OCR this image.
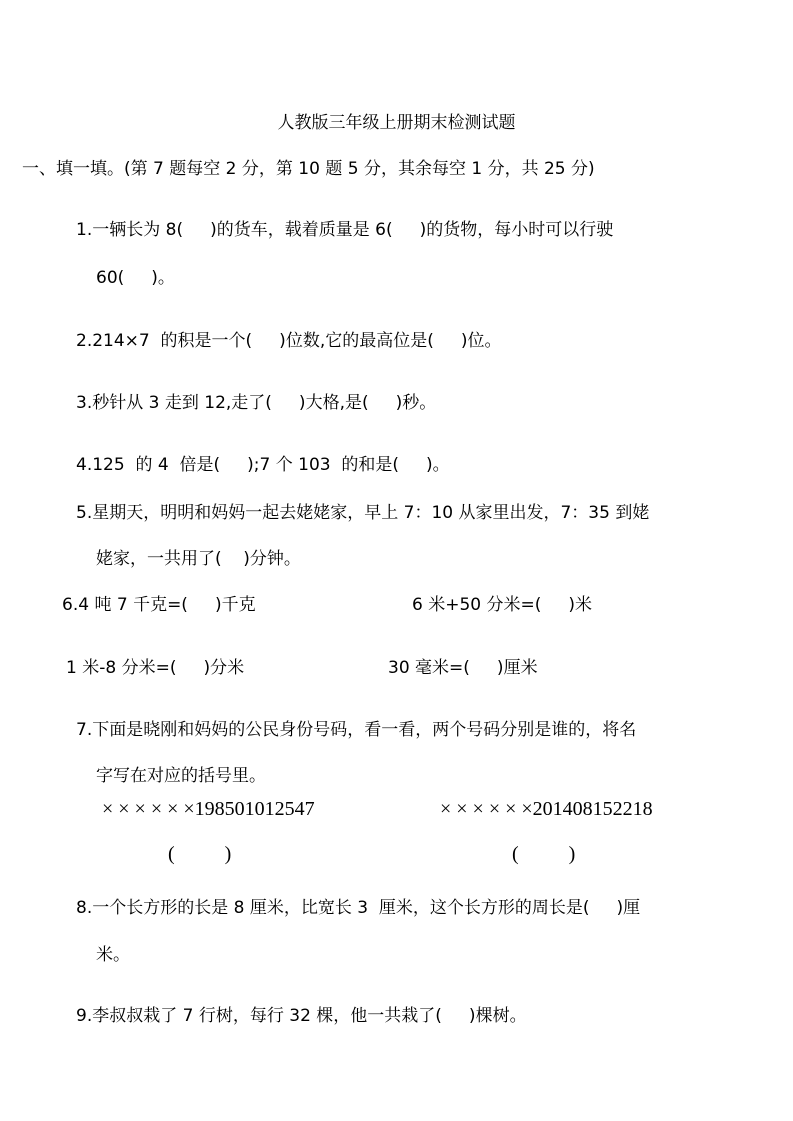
人教版三年级上册期末检测试题
一、填一填。(第 7 题每空 2 分，第 10 题 5 分，其余每空 1 分，共 25 分)
1.一辆长为 8(     )的货车，载着质量是 6(     )的货物，每小时可以行驶
60(     )。
2.214×7  的积是一个(     )位数,它的最高位是(     )位。
3.秒针从 3 走到 12,走了(     )大格,是(     )秒。
4.125  的 4  倍是(     );7 个 103  的和是(     )。
5.星期天，明明和妈妈一起去姥姥家，早上 7：10 从家里出发，7：35 到姥
姥家，一共用了(    )分钟。
6.4 吨 7 千克=(     )千克	6 米+50 分米=(     )米
1 米-8 分米=(     )分米	30 毫米=(     )厘米
7.下面是晓刚和妈妈的公民身份号码，看一看，两个号码分别是谁的，将名
字写在对应的括号里。
× × × × × ×198501012547	× × × × × ×201408152218
(          )	(          )
8.一个长方形的长是 8 厘米，比宽长 3  厘米，这个长方形的周长是(     )厘
米。
9.李叔叔栽了 7 行树，每行 32 棵，他一共栽了(     )棵树。
